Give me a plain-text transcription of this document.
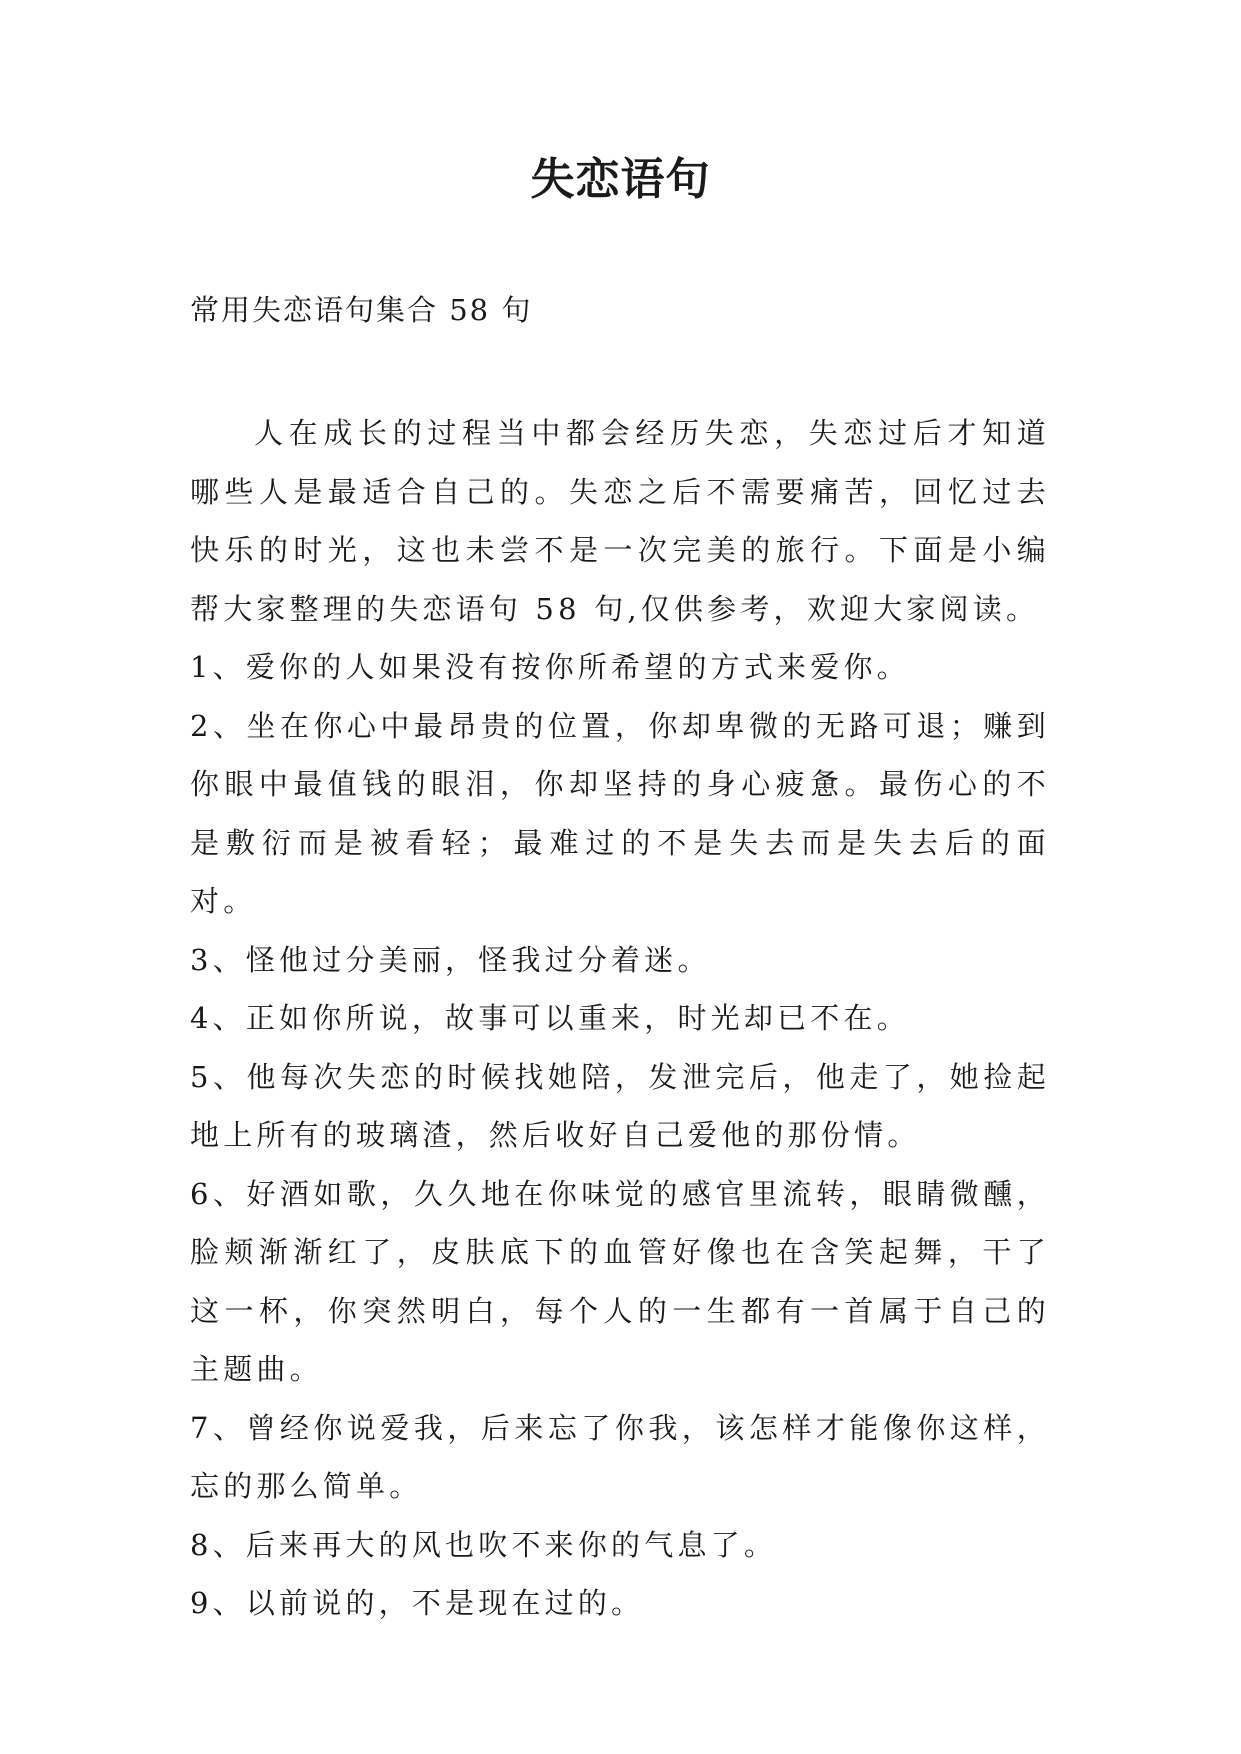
失恋语句
常用失恋语句集合 58 句

人在成长的过程当中都会经历失恋，失恋过后才知道哪些人是最适合自己的。失恋之后不需要痛苦，回忆过去快乐的时光，这也未尝不是一次完美的旅行。下面是小编帮大家整理的失恋语句 58 句,仅供参考，欢迎大家阅读。

1、爱你的人如果没有按你所希望的方式来爱你。

2、坐在你心中最昂贵的位置，你却卑微的无路可退；赚到你眼中最值钱的眼泪，你却坚持的身心疲惫。最伤心的不是敷衍而是被看轻；最难过的不是失去而是失去后的面对。

3、怪他过分美丽，怪我过分着迷。

4、正如你所说，故事可以重来，时光却已不在。

5、他每次失恋的时候找她陪，发泄完后，他走了，她捡起地上所有的玻璃渣，然后收好自己爱他的那份情。

6、好酒如歌，久久地在你味觉的感官里流转，眼睛微醺，脸颊渐渐红了，皮肤底下的血管好像也在含笑起舞，干了这一杯，你突然明白，每个人的一生都有一首属于自己的主题曲。

7、曾经你说爱我，后来忘了你我，该怎样才能像你这样，忘的那么简单。

8、后来再大的风也吹不来你的气息了。

9、以前说的，不是现在过的。
